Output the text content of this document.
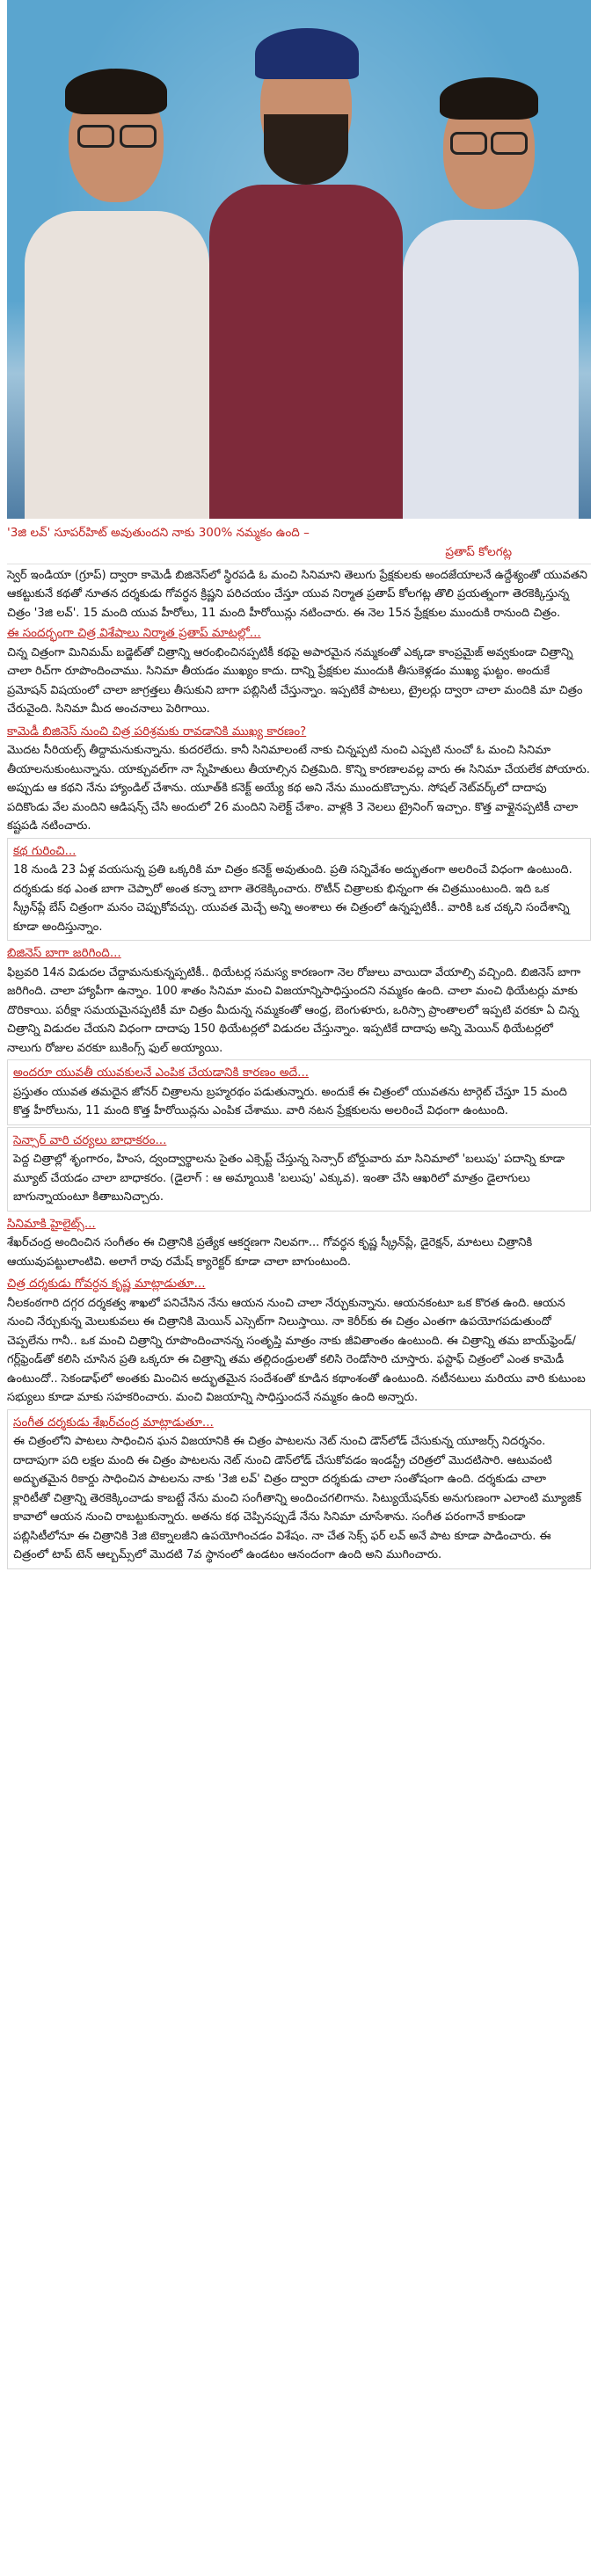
'3జి లవ్' సూపర్‌హిట్ అవుతుందని నాకు 300% నమ్మకం ఉంది –

ప్రతాప్ కోలగట్ల

స్వెర్ ఇండియా (గ్రూప్) ద్వారా కామెడీ బిజినెస్‌లో స్థిరపడి ఓ మంచి సినిమాని తెలుగు ప్రేక్షకులకు అందజేయాలనే ఉద్దేశ్యంతో యువతని ఆకట్టుకునే కథతో నూతన దర్శకుడు గోవర్ధన క్రిష్ణని పరిచయం చేస్తూ యువ నిర్మాత ప్రతాప్ కోలగట్ల తొలి ప్రయత్నంగా తెరకెక్కిస్తున్న చిత్రం '3జి లవ్'. 15 మంది యువ హీరోలు, 11 మంది హీరోయిన్లు నటించారు. ఈ నెల 15న ప్రేక్షకుల ముందుకి రానుంది చిత్రం.

ఈ సందర్భంగా చిత్ర విశేషాలు నిర్మాత ప్రతాప్ మాటల్లో...

చిన్న చిత్రంగా మినిమమ్ బడ్జెట్‌తో చిత్రాన్ని ఆరంభించినప్పటికీ కథపై అపారమైన నమ్మకంతో ఎక్కడా కాంప్రమైజ్ అవ్వకుండా చిత్రాన్ని చాలా రిచ్‌గా రూపొందించాము. సినిమా తీయడం ముఖ్యం కాదు. దాన్ని ప్రేక్షకుల ముందుకి తీసుకెళ్లడం ముఖ్య ఘట్టం. అందుకే ప్రమోషన్ విషయంలో చాలా జాగ్రత్తలు తీసుకుని బాగా పబ్లిసిటీ చేస్తున్నాం. ఇప్పటికే పాటలు, ట్రైలర్లు ద్వారా చాలా మందికి మా చిత్రం చేరువైంది. సినిమా మీద అంచనాలు పెరిగాయి.

కామెడీ బిజినెస్ నుంచి చిత్ర పరిశ్రమకు రావడానికి ముఖ్య కారణం?

మొదట సీరియల్స్ తీద్దామనుకున్నాను. కుదరలేదు. కానీ సినిమాలంటే నాకు చిన్నప్పటి నుంచి ఎప్పటి నుంచో ఓ మంచి సినిమా తీయాలనుకుంటున్నాను. యాక్చువల్‌గా నా స్నేహితులు తీయాల్సిన చిత్రమిది. కొన్ని కారణాలవల్ల వారు ఈ సినిమా చేయలేక పోయారు. అప్పుడు ఆ కథని నేను హ్యాండిల్ చేశాను. యూత్‌కి కనెక్ట్ అయ్యే కథ అని నేను ముందుకొచ్చాను. సోషల్ నెట్‌వర్క్‌లో దాదాపు పదికొండు వేల మందిని ఆడిషన్స్ చేసి అందులో 26 మందిని సెలెక్ట్ చేశాం. వాళ్లకి 3 నెలలు ట్రైనింగ్ ఇచ్చాం. కొత్త వాళ్లైనప్పటికీ చాలా కష్టపడి నటించారు.

కథ గురించి...

18 నుండి 23 ఏళ్ల వయసున్న ప్రతి ఒక్కరికి మా చిత్రం కనెక్ట్ అవుతుంది. ప్రతి సన్నివేశం అద్భుతంగా అలరించే విధంగా ఉంటుంది. దర్శకుడు కథ ఎంత బాగా చెప్పారో అంత కన్నా బాగా తెరకెక్కించారు. రొటీన్ చిత్రాలకు భిన్నంగా ఈ చిత్రముంటుంది. ఇది ఒక స్క్రీన్‌ప్లే బేస్ చిత్రంగా మనం చెప్పుకోవచ్చు. యువత మెచ్చే అన్ని అంశాలు ఈ చిత్రంలో ఉన్నప్పటికీ.. వారికి ఒక చక్కని సందేశాన్ని కూడా అందిస్తున్నాం.

బిజినెస్ బాగా జరిగింది...

ఫిబ్రవరి 14న విడుదల చేద్దామనుకున్నప్పటికీ.. థియేటర్ల సమస్య కారణంగా నెల రోజులు వాయిదా వేయాల్సి వచ్చింది. బిజినెస్ బాగా జరిగింది. చాలా హ్యాపీగా ఉన్నాం. 100 శాతం సినిమా మంచి విజయాన్నిసాధిస్తుందని నమ్మకం ఉంది. చాలా మంచి థియేటర్లు మాకు దొరికాయి. పరీక్షా సమయమైనప్పటికీ మా చిత్రం మీదున్న నమ్మకంతో ఆంధ్ర, బెంగుళూరు, ఒరిస్సా ప్రాంతాలలో ఇప్పటి వరకూ ఏ చిన్న చిత్రాన్ని విడుదల చేయని విధంగా దాదాపు 150 థియేటర్లలో విడుదల చేస్తున్నాం. ఇప్పటికే దాదాపు అన్ని మెయిన్ థియేటర్లలో నాలుగు రోజుల వరకూ బుకింగ్స్ ఫుల్ అయ్యాయి.

అందరూ యువతీ యువకులనే ఎంపిక చేయడానికి కారణం అదే...

ప్రస్తుతం యువత తమదైన జోనర్ చిత్రాలను బ్రహ్మరథం పడుతున్నారు. అందుకే ఈ చిత్రంలో యువతను టార్గెట్ చేస్తూ 15 మంది కొత్త హీరోలును, 11 మంది కొత్త హీరోయిన్లను ఎంపిక చేశాము. వారి నటన ప్రేక్షకులను అలరించే విధంగా ఉంటుంది.

సెన్సార్ వారి చర్యలు బాధాకరం...

పెద్ద చిత్రాల్లో శృంగారం, హింస, ద్వంద్వార్థాలను సైతం ఎక్సెప్ట్ చేస్తున్న సెన్సార్ బోర్డువారు మా సినిమాలో 'బలుపు' పదాన్ని కూడా మ్యూట్ చేయడం చాలా బాధాకరం. (డైలాగ్ : ఆ అమ్మాయికి 'బలుపు' ఎక్కువ). ఇంతా చేసి ఆఖరిలో మాత్రం డైలాగులు బాగున్నాయంటూ కితాబునిచ్చారు.

సినిమాకి హైలైట్స్...

శేఖర్‌చంద్ర అందించిన సంగీతం ఈ చిత్రానికి ప్రత్యేక ఆకర్షణగా నిలవగా... గోవర్ధన కృష్ణ స్క్రీన్‌ప్లే, డైరెక్షన్, మాటలు చిత్రానికి ఆయువుపట్టులాంటివి. అలాగే రావు రమేష్ క్యారెక్టర్ కూడా చాలా బాగుంటుంది.

చిత్ర దర్శకుడు గోవర్ధన కృష్ణ మాట్లాడుతూ...

నీలకంఠగారి దగ్గర దర్శకత్వ శాఖలో పనిచేసిన నేను ఆయన నుంచి చాలా నేర్చుకున్నాను. ఆయనకంటూ ఒక కొరత ఉంది. ఆయన నుంచి నేర్చుకున్న మెలుకువలు ఈ చిత్రానికి మెయిన్ ఎస్సెట్‌గా నిలుస్తాయి. నా కెరీర్‌కు ఈ చిత్రం ఎంతగా ఉపయోగపడుతుందో చెప్పలేను గానీ.. ఒక మంచి చిత్రాన్ని రూపొందించానన్న సంతృప్తి మాత్రం నాకు జీవితాంతం ఉంటుంది. ఈ చిత్రాన్ని తమ బాయ్‌ఫ్రెండ్/గర్ల్‌ఫ్రెండ్‌తో కలిసి చూసిన ప్రతి ఒక్కరూ ఈ చిత్రాన్ని తమ తల్లిదండ్రులతో కలిసి రెండోసారి చూస్తారు. ఫస్టాఫ్ చిత్రంలో ఎంత కామెడీ ఉంటుందో.. సెకండాఫ్‌లో అంతకు మించిన అద్భుతమైన సందేశంతో కూడిన కథాంశంతో ఉంటుంది. నటీనటులు మరియు వారి కుటుంబ సభ్యులు కూడా మాకు సహకరించారు. మంచి విజయాన్ని సాధిస్తుందనే నమ్మకం ఉంది అన్నారు.

సంగీత దర్శకుడు శేఖర్‌చంద్ర మాట్లాడుతూ...

ఈ చిత్రంలోని పాటలు సాధించిన ఘన విజయానికి ఈ చిత్రం పాటలను నెట్ నుంచి డౌన్‌లోడ్ చేసుకున్న యూజర్స్ నిదర్శనం. దాదాపుగా పది లక్షల మంది ఈ చిత్రం పాటలను నెట్ నుంచి డౌన్‌లోడ్ చేసుకోవడం ఇండస్ట్రీ చరిత్రలో మొదటిసారి. ఆటువంటి అద్భుతమైన రికార్డు సాధించిన పాటలను నాకు '3జి లవ్' చిత్రం ద్వారా దర్శకుడు చాలా సంతోషంగా ఉంది. దర్శకుడు చాలా క్లారిటీతో చిత్రాన్ని తెరకెక్కించాడు కాబట్టే నేను మంచి సంగీతాన్ని అందించగలిగాను. సిట్యుయేషన్‌కు అనుగుణంగా ఎలాంటి మ్యూజిక్ కావాలో ఆయన నుంచి రాబట్టుకున్నారు. అతను కథ చెప్పినప్పుడే నేను సినిమా చూసేశాను. సంగీత పరంగానే కాకుండా పబ్లిసిటీలోనూ ఈ చిత్రానికి 3జి టెక్నాలజీని ఉపయోగించడం విశేషం. నా చేత సెక్స్ ఫర్ లవ్ అనే పాట కూడా పాడించారు. ఈ చిత్రంలో టాప్ టెన్ ఆల్బమ్స్‌లో మొదటి 7వ స్థానంలో ఉండటం ఆనందంగా ఉంది అని ముగించారు.
